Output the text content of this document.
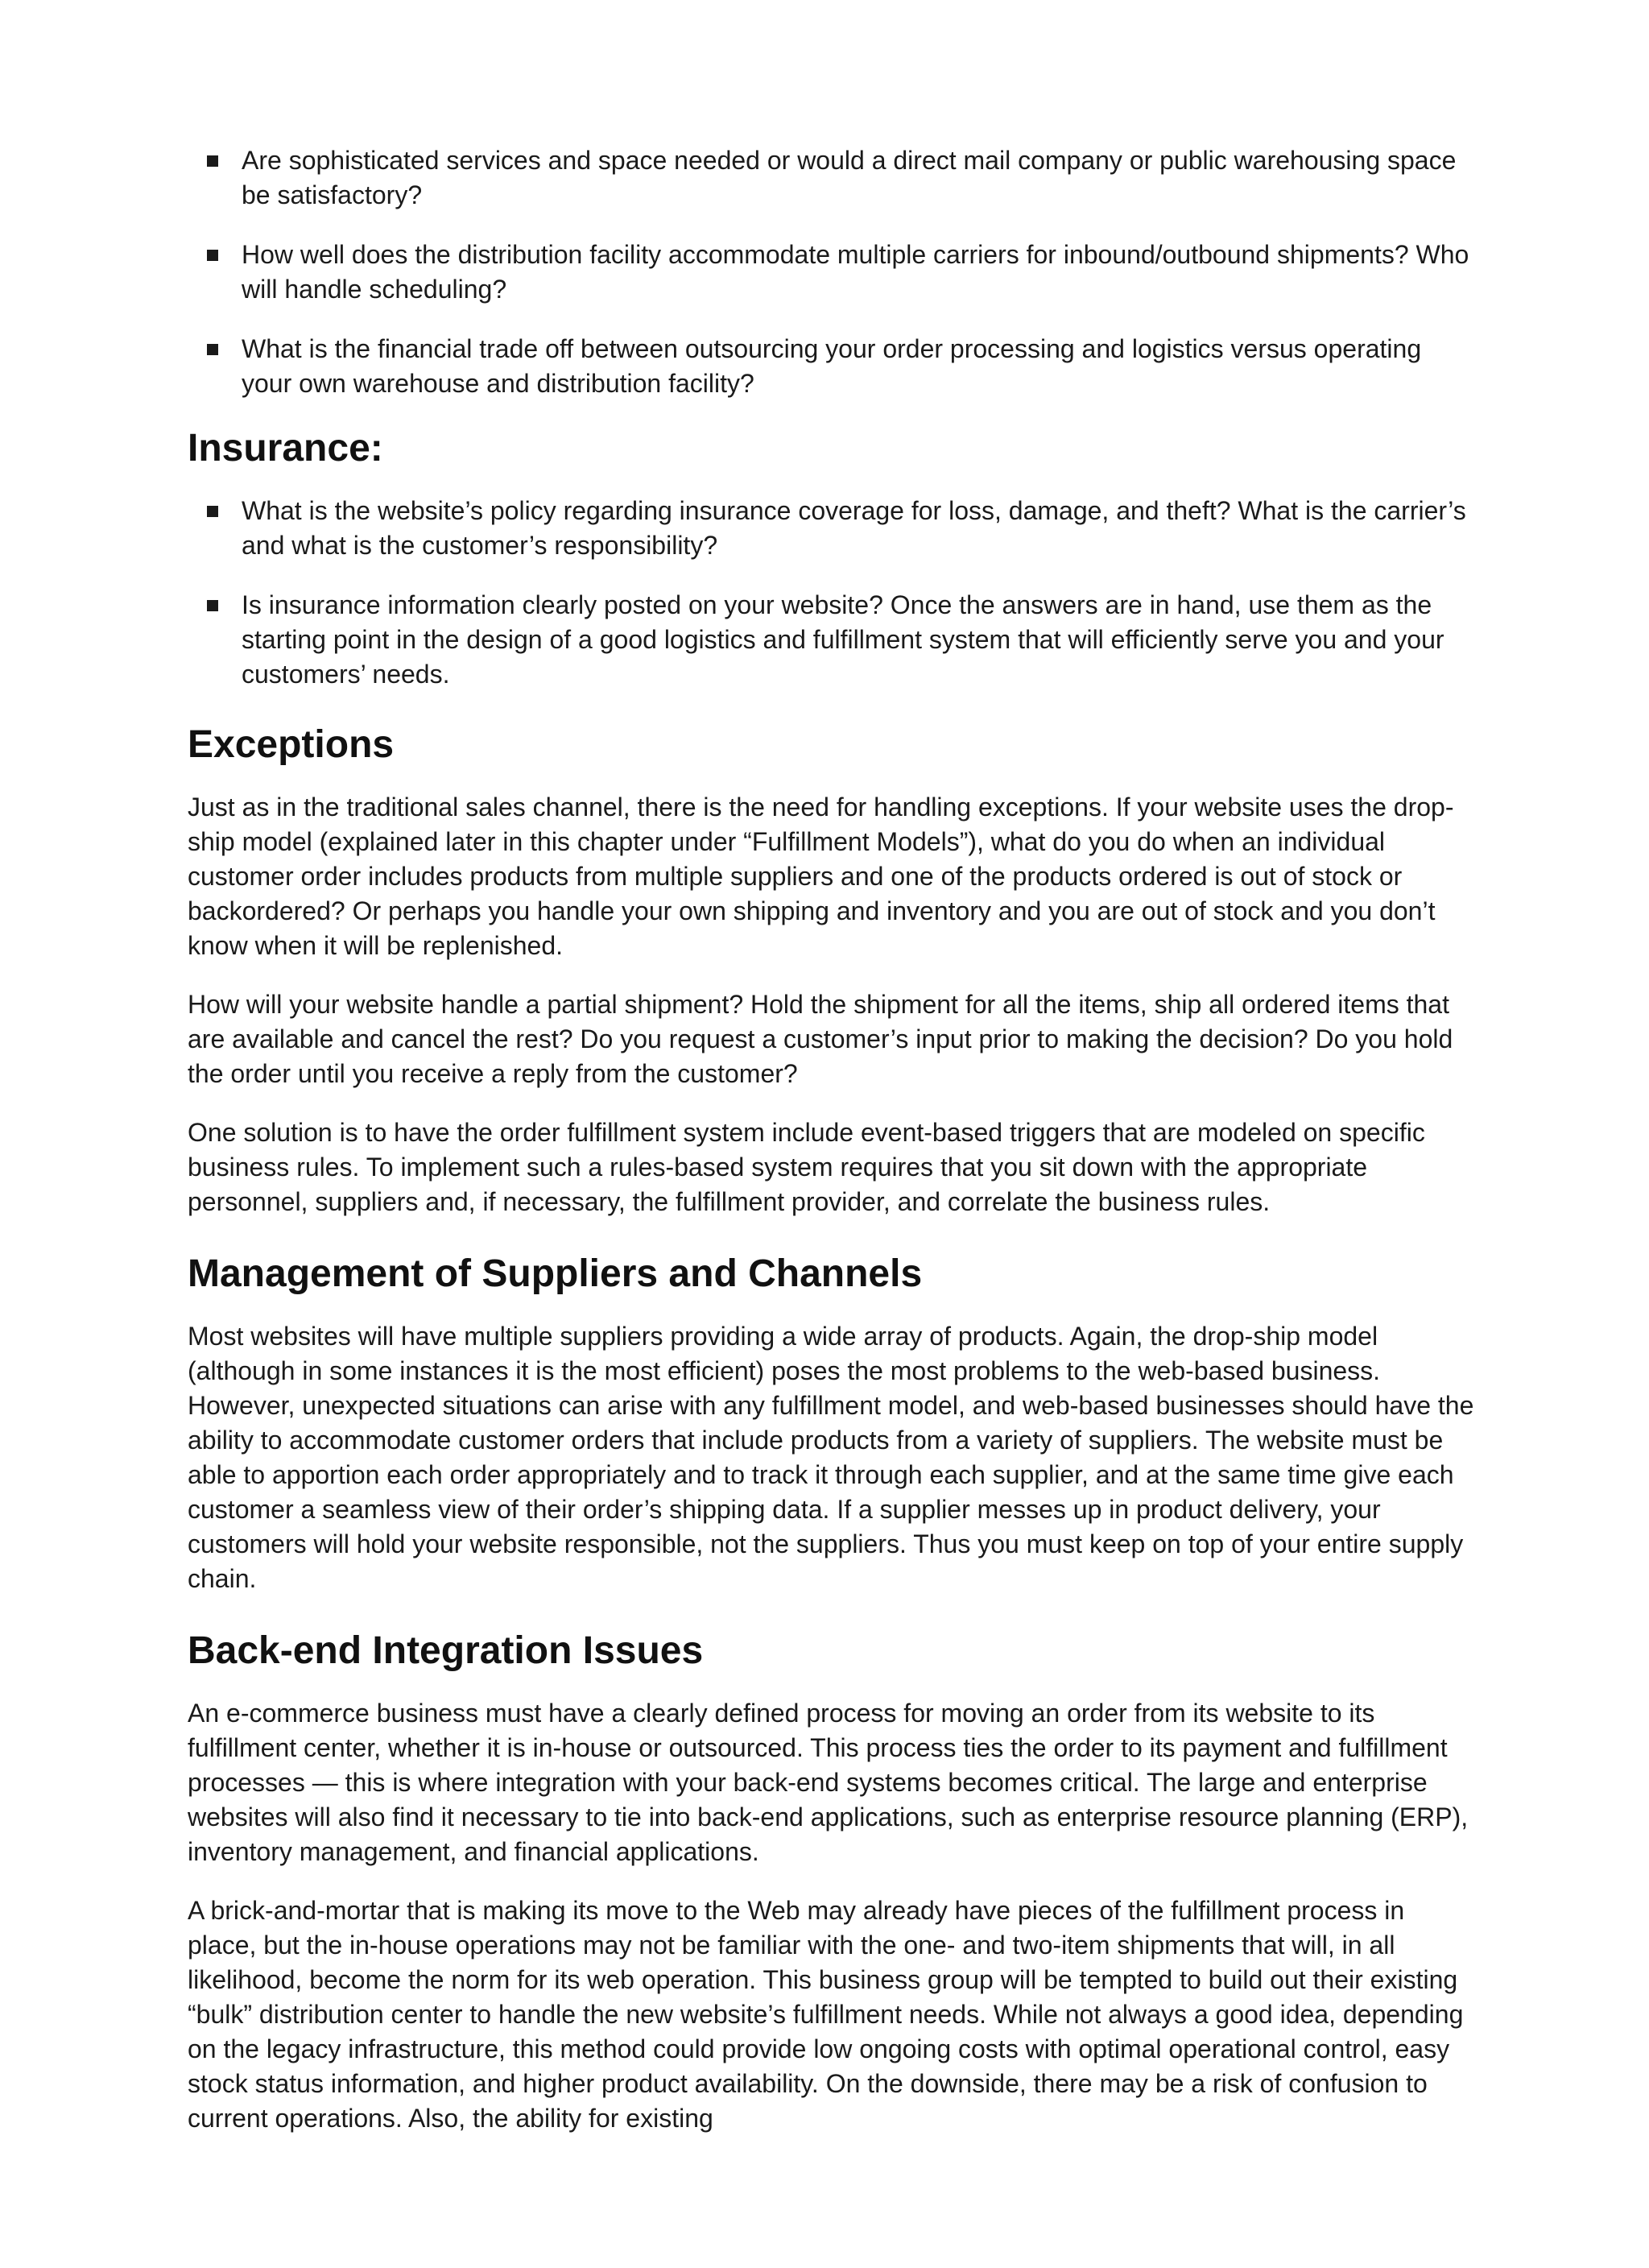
Are sophisticated services and space needed or would a direct mail company or public warehousing space be satisfactory?
How well does the distribution facility accommodate multiple carriers for inbound/outbound shipments? Who will handle scheduling?
What is the financial trade off between outsourcing your order processing and logistics versus operating your own warehouse and distribution facility?
Insurance:
What is the website’s policy regarding insurance coverage for loss, damage, and theft? What is the carrier’s and what is the customer’s responsibility?
Is insurance information clearly posted on your website? Once the answers are in hand, use them as the starting point in the design of a good logistics and fulfillment system that will efficiently serve you and your customers’ needs.
Exceptions

Just as in the traditional sales channel, there is the need for handling exceptions. If your website uses the drop-ship model (explained later in this chapter under “Fulfillment Models”), what do you do when an individual customer order includes products from multiple suppliers and one of the products ordered is out of stock or backordered? Or perhaps you handle your own shipping and inventory and you are out of stock and you don’t know when it will be replenished.

How will your website handle a partial shipment? Hold the shipment for all the items, ship all ordered items that are available and cancel the rest? Do you request a customer’s input prior to making the decision? Do you hold the order until you receive a reply from the customer?

One solution is to have the order fulfillment system include event-based triggers that are modeled on specific business rules. To implement such a rules-based system requires that you sit down with the appropriate personnel, suppliers and, if necessary, the fulfillment provider, and correlate the business rules.

Management of Suppliers and Channels

Most websites will have multiple suppliers providing a wide array of products. Again, the drop-ship model (although in some instances it is the most efficient) poses the most problems to the web-based business. However, unexpected situations can arise with any fulfillment model, and web-based businesses should have the ability to accommodate customer orders that include products from a variety of suppliers. The website must be able to apportion each order appropriately and to track it through each supplier, and at the same time give each customer a seamless view of their order’s shipping data. If a supplier messes up in product delivery, your customers will hold your website responsible, not the suppliers. Thus you must keep on top of your entire supply chain.

Back-end Integration Issues

An e-commerce business must have a clearly defined process for moving an order from its website to its fulfillment center, whether it is in-house or outsourced. This process ties the order to its payment and fulfillment processes — this is where integration with your back-end systems becomes critical. The large and enterprise websites will also find it necessary to tie into back-end applications, such as enterprise resource planning (ERP), inventory management, and financial applications.

A brick-and-mortar that is making its move to the Web may already have pieces of the fulfillment process in place, but the in-house operations may not be familiar with the one- and two-item shipments that will, in all likelihood, become the norm for its web operation. This business group will be tempted to build out their existing “bulk” distribution center to handle the new website’s fulfillment needs. While not always a good idea, depending on the legacy infrastructure, this method could provide low ongoing costs with optimal operational control, easy stock status information, and higher product availability. On the downside, there may be a risk of confusion to current operations. Also, the ability for existing
